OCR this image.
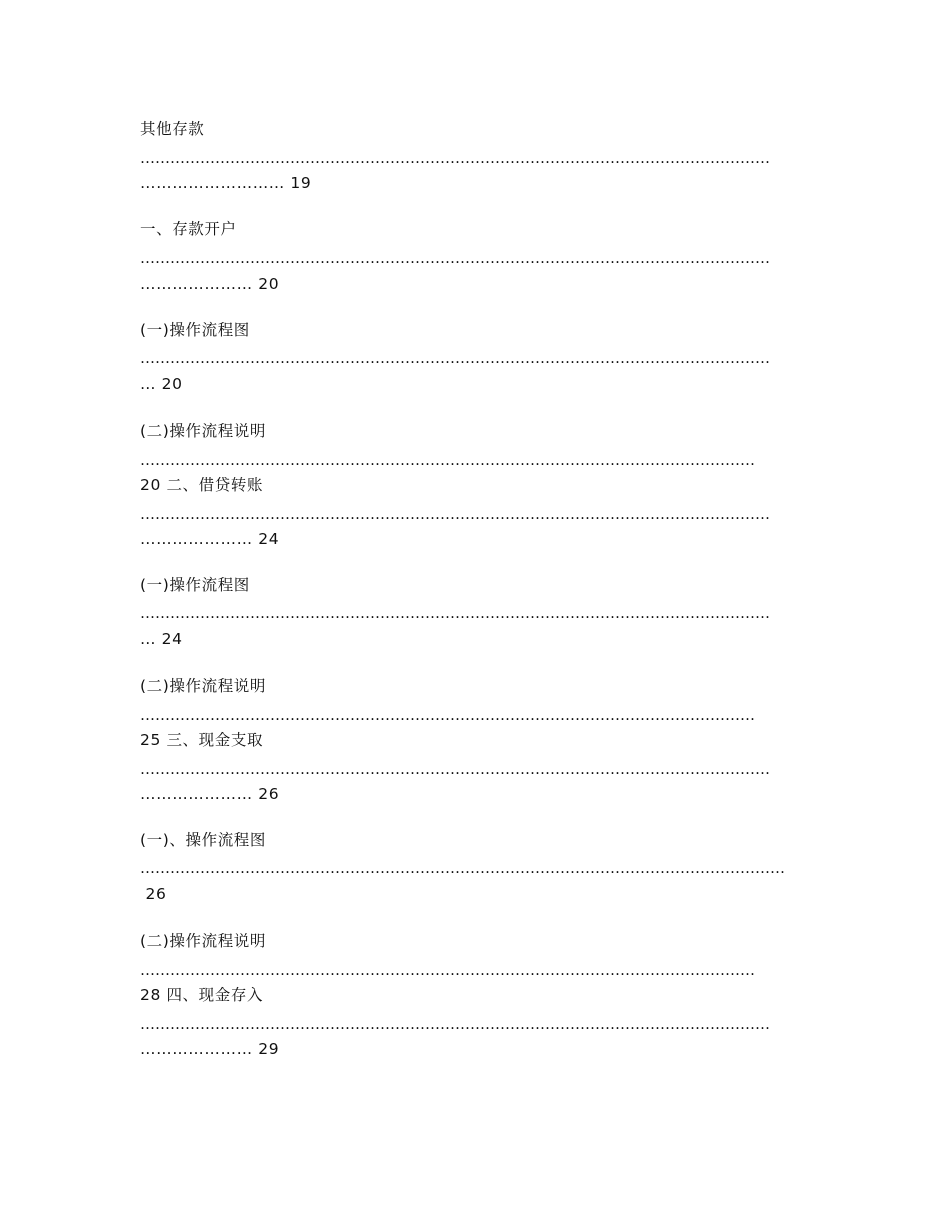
其他存款
………………………………………………………………………………………………………………
……………………… 19
一、存款开户
………………………………………………………………………………………………………………
………………… 20
(一)操作流程图
………………………………………………………………………………………………………………
… 20
(二)操作流程说明
……………………………………………………………………………………………………………
20 二、借贷转账
………………………………………………………………………………………………………………
………………… 24
(一)操作流程图
………………………………………………………………………………………………………………
… 24
(二)操作流程说明
……………………………………………………………………………………………………………
25 三、现金支取
………………………………………………………………………………………………………………
………………… 26
(一)、操作流程图
…………………………………………………………………………………………………………………
26
(二)操作流程说明
……………………………………………………………………………………………………………
28 四、现金存入
………………………………………………………………………………………………………………
………………… 29
